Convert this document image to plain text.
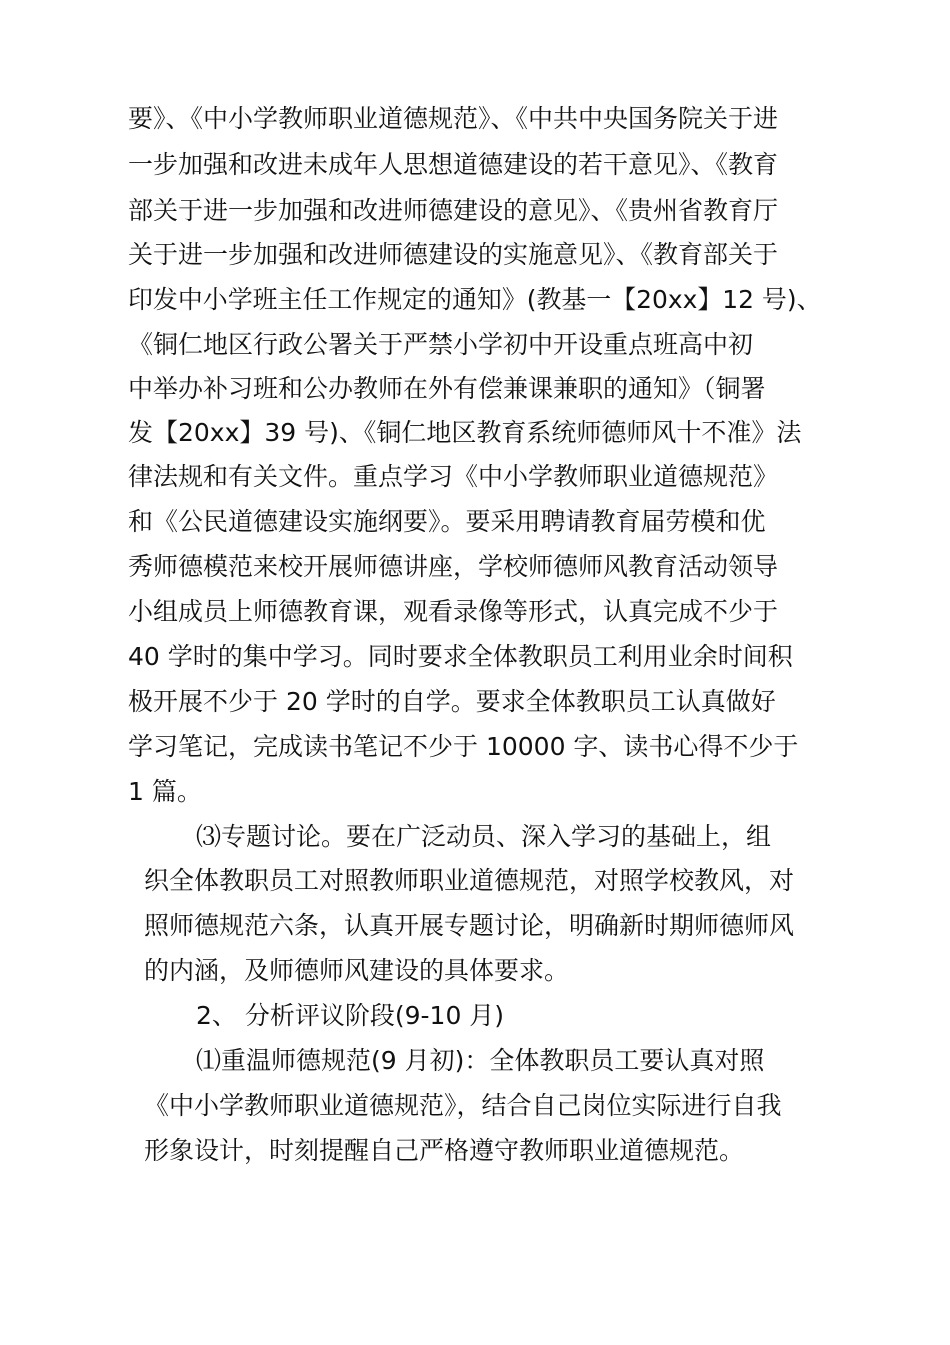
要》、《中小学教师职业道德规范》、《中共中央国务院关于进
一步加强和改进未成年人思想道德建设的若干意见》、《教育
部关于进一步加强和改进师德建设的意见》、《贵州省教育厅
关于进一步加强和改进师德建设的实施意见》、《教育部关于
印发中小学班主任工作规定的通知》(教基一【20xx】12 号)、
《铜仁地区行政公署关于严禁小学初中开设重点班高中初
中举办补习班和公办教师在外有偿兼课兼职的通知》（铜署
发【20xx】39 号)、《铜仁地区教育系统师德师风十不准》法
律法规和有关文件。重点学习《中小学教师职业道德规范》
和《公民道德建设实施纲要》。要采用聘请教育届劳模和优
秀师德模范来校开展师德讲座，学校师德师风教育活动领导
小组成员上师德教育课，观看录像等形式，认真完成不少于
40 学时的集中学习。同时要求全体教职员工利用业余时间积
极开展不少于 20 学时的自学。要求全体教职员工认真做好
学习笔记，完成读书笔记不少于 10000 字、读书心得不少于
1 篇。
⑶专题讨论。要在广泛动员、深入学习的基础上，组
织全体教职员工对照教师职业道德规范，对照学校教风，对
照师德规范六条，认真开展专题讨论，明确新时期师德师风
的内涵，及师德师风建设的具体要求。
2、 分析评议阶段(9-10 月)
⑴重温师德规范(9 月初)：全体教职员工要认真对照
《中小学教师职业道德规范》，结合自己岗位实际进行自我
形象设计，时刻提醒自己严格遵守教师职业道德规范。
